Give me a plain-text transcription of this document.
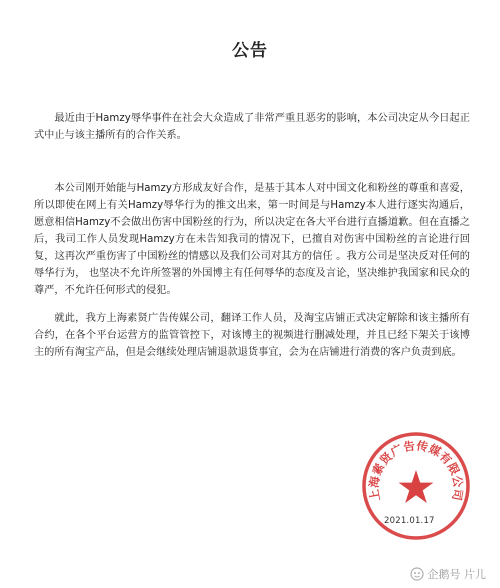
公告

最近由于Hamzy辱华事件在社会大众造成了非常严重且恶劣的影响，本公司决定从今日起正式中止与该主播所有的合作关系。

本公司刚开始能与Hamzy方形成友好合作，是基于其本人对中国文化和粉丝的尊重和喜爱，所以即使在网上有关Hamzy辱华行为的推文出来，第一时间是与Hamzy本人进行逐实沟通后，愿意相信Hamzy不会做出伤害中国粉丝的行为，所以决定在各大平台进行直播道歉。但在直播之后，我司工作人员发现Hamzy方在未告知我司的情况下，已擅自对伤害中国粉丝的言论进行回复，这再次严重伤害了中国粉丝的情感以及我们公司对其方的信任 。我方公司是坚决反对任何的辱华行为， 也坚决不允许所签署的外国博主有任何辱华的态度及言论，坚决维护我国家和民众的尊严，不允许任何形式的侵犯。

就此，我方上海素贤广告传媒公司，翻译工作人员，及淘宝店铺正式决定解除和该主播所有合约，在各个平台运营方的监管管控下，对该博主的视频进行删减处理，并且已经下架关于该博主的所有淘宝产品，但是会继续处理店铺退款退货事宜，会为在店铺进行消费的客户负责到底。

上海素贤广告传媒有限公司
2021.01.17
企鹅号 片儿
